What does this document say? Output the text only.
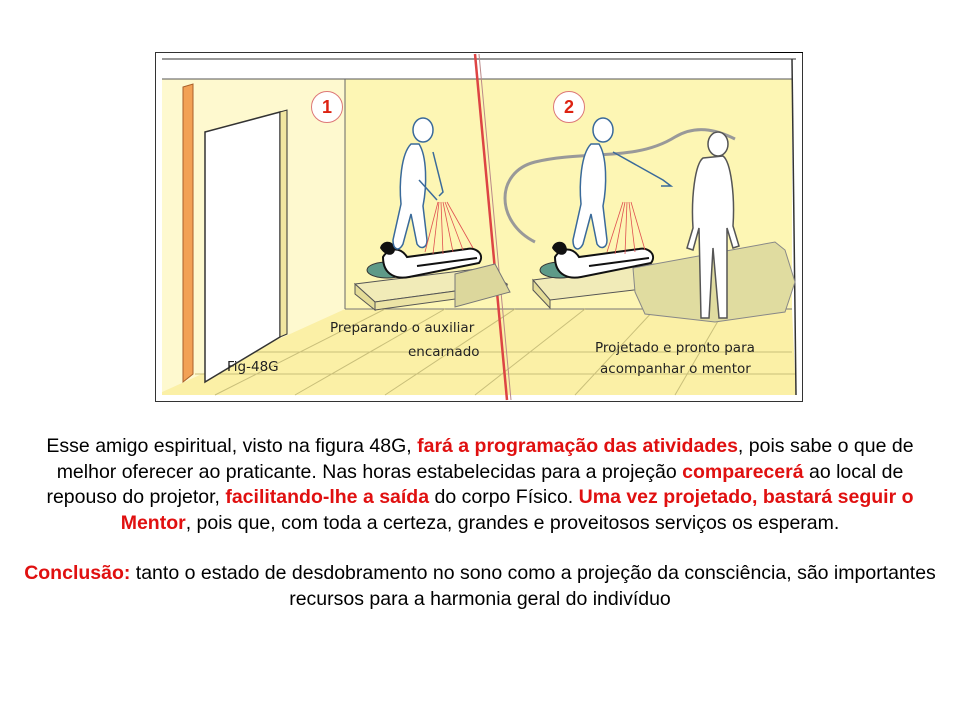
1	2
Preparando o auxiliar
encarnado
Fig-48G
Projetado e pronto para
acompanhar o mentor

Esse amigo espiritual, visto na figura 48G, fará a programação das atividades, pois sabe o que de melhor oferecer ao praticante. Nas horas estabelecidas para a projeção comparecerá ao local de repouso do projetor, facilitando-lhe a saída do corpo Físico. Uma vez projetado, bastará seguir o Mentor, pois que, com toda a certeza, grandes e proveitosos serviços os esperam.

Conclusão: tanto o estado de desdobramento no sono como a projeção da consciência, são importantes recursos para a harmonia geral do indivíduo
